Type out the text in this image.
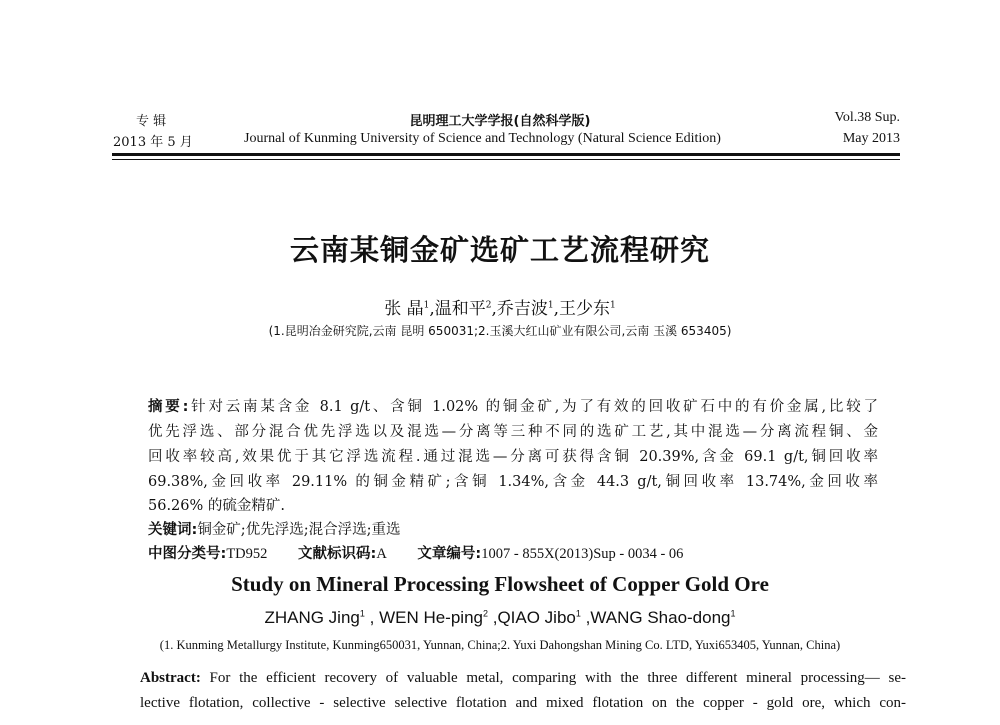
专 辑
2013 年 5 月
昆明理工大学学报(自然科学版)
Journal of Kunming University of Science and Technology (Natural Science Edition)
Vol.38 Sup.
May 2013
云南某铜金矿选矿工艺流程研究
张 晶$^1$,温和平$^2$,乔吉波$^1$,王少东$^1$
(1.昆明冶金研究院,云南 昆明 650031;2.玉溪大红山矿业有限公司,云南 玉溪 653405)
摘要:针对云南某含金 8.1 g/t、含铜 1.02% 的铜金矿,为了有效的回收矿石中的有价金属,比较了
优先浮选、部分混合优先浮选以及混选—分离等三种不同的选矿工艺,其中混选—分离流程铜、金
回收率较高,效果优于其它浮选流程.通过混选—分离可获得含铜 20.39%,含金 69.1 g/t,铜回收率
69.38%,金回收率 29.11% 的铜金精矿;含铜 1.34%,含金 44.3 g/t,铜回收率 13.74%,金回收率
56.26% 的硫金精矿.
关键词:铜金矿;优先浮选;混合浮选;重选
中图分类号:TD952 文献标识码:A 文章编号:1007 - 855X(2013)Sup - 0034 - 06
Study on Mineral Processing Flowsheet of Copper Gold Ore
ZHANG Jing$^1$ , WEN He-ping$^2$ ,QIAO Jibo$^1$ ,WANG Shao-dong$^1$
(1. Kunming Metallurgy Institute, Kunming650031, Yunnan, China;2. Yuxi Dahongshan Mining Co. LTD, Yuxi653405, Yunnan, China)
Abstract: For the efficient recovery of valuable metal, comparing with the three different mineral processing— se-
lective flotation, collective - selective selective flotation and mixed flotation on the copper - gold ore, which con-
